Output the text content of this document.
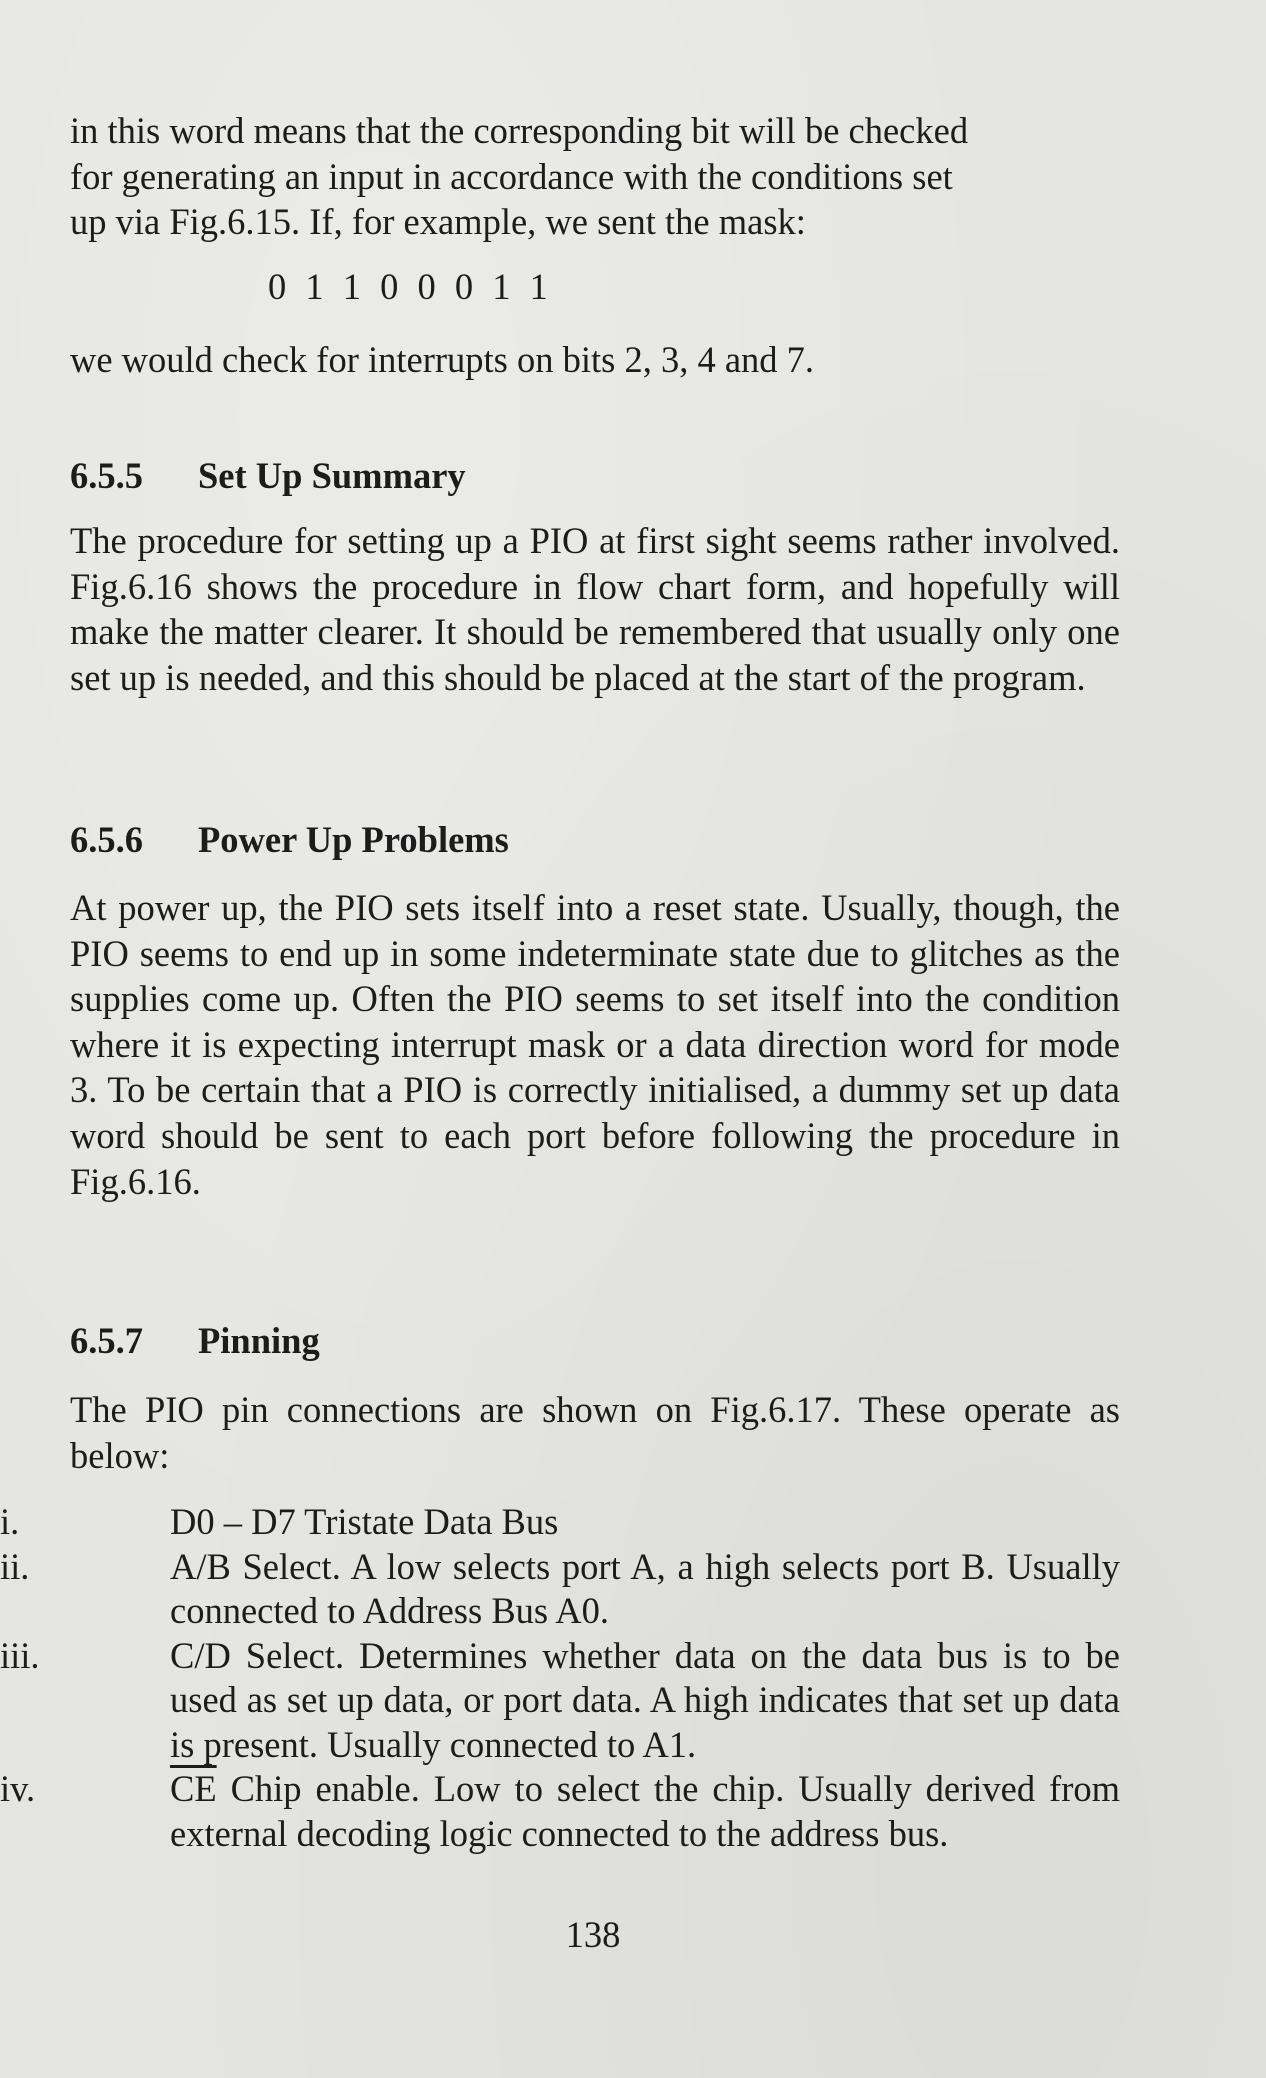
in this word means that the corresponding bit will be checked
for generating an input in accordance with the conditions set
up via Fig.6.15. If, for example, we sent the mask:

0 1 1 0 0 0 1 1

we would check for interrupts on bits 2, 3, 4 and 7.

6.5.5 Set Up Summary

The procedure for setting up a PIO at first sight seems rather involved. Fig.6.16 shows the procedure in flow chart form, and hopefully will make the matter clearer. It should be remembered that usually only one set up is needed, and this should be placed at the start of the program.

6.5.6 Power Up Problems

At power up, the PIO sets itself into a reset state. Usually, though, the PIO seems to end up in some indeterminate state due to glitches as the supplies come up. Often the PIO seems to set itself into the condition where it is expecting interrupt mask or a data direction word for mode 3. To be certain that a PIO is correctly initialised, a dummy set up data word should be sent to each port before following the procedure in Fig.6.16.

6.5.7 Pinning

The PIO pin connections are shown on Fig.6.17. These operate as below:

i.	D0 – D7 Tristate Data Bus
ii.	A/B Select. A low selects port A, a high selects port B. Usually connected to Address Bus A0.
iii.	C/D Select. Determines whether data on the data bus is to be used as set up data, or port data. A high indicates that set up data is present. Usually connected to A1.
iv.	$\overline{CE}$ Chip enable. Low to select the chip. Usually derived from external decoding logic connected to the address bus.

138
